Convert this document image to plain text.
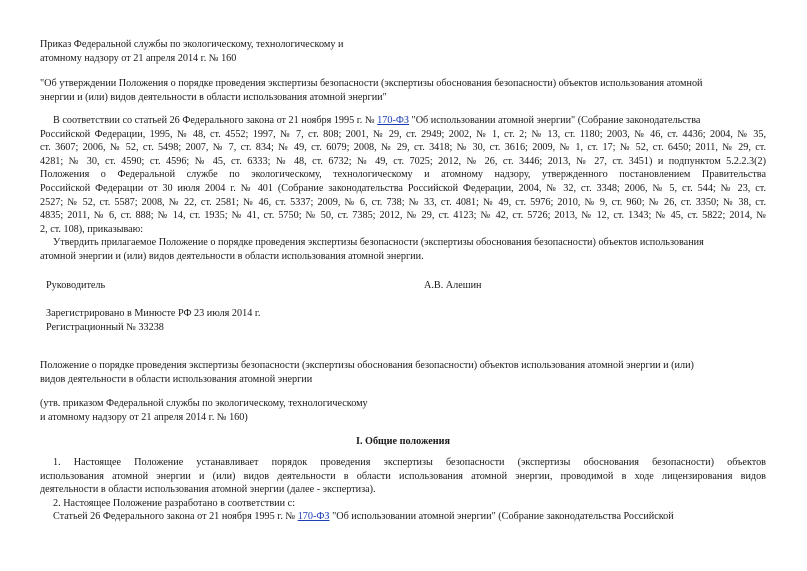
Приказ Федеральной службы по экологическому, технологическому и

атомному надзору от 21 апреля 2014 г. № 160

"Об утверждении Положения о порядке проведения экспертизы безопасности (экспертизы обоснования безопасности) объектов использования атомной

энергии и (или) видов деятельности в области использования атомной энергии"

В соответствии со статьей 26 Федерального закона от 21 ноября 1995 г. № 170-ФЗ "Об использовании атомной энергии" (Собрание законодательства

Российской Федерации, 1995, № 48, ст. 4552; 1997, № 7, ст. 808; 2001, № 29, ст. 2949; 2002, № 1, ст. 2; № 13, ст. 1180; 2003, № 46, ст. 4436; 2004, № 35,

ст. 3607; 2006, № 52, ст. 5498; 2007, № 7, ст. 834; № 49, ст. 6079; 2008, № 29, ст. 3418; № 30, ст. 3616; 2009, № 1, ст. 17; № 52, ст. 6450; 2011, № 29, ст.

4281; № 30, ст. 4590; ст. 4596; № 45, ст. 6333; № 48, ст. 6732; № 49, ст. 7025; 2012, № 26, ст. 3446; 2013, № 27, ст. 3451) и подпунктом 5.2.2.3(2)

Положения о Федеральной службе по экологическому, технологическому и атомному надзору, утвержденного постановлением Правительства

Российской Федерации от 30 июля 2004 г. № 401 (Собрание законодательства Российской Федерации, 2004, № 32, ст. 3348; 2006, № 5, ст. 544; № 23, ст.

2527; № 52, ст. 5587; 2008, № 22, ст. 2581; № 46, ст. 5337; 2009, № 6, ст. 738; № 33, ст. 4081; № 49, ст. 5976; 2010, № 9, ст. 960; № 26, ст. 3350; № 38, ст.

4835; 2011, № 6, ст. 888; № 14, ст. 1935; № 41, ст. 5750; № 50, ст. 7385; 2012, № 29, ст. 4123; № 42, ст. 5726; 2013, № 12, ст. 1343; № 45, ст. 5822; 2014, №

2, ст. 108), приказываю:

Утвердить прилагаемое Положение о порядке проведения экспертизы безопасности (экспертизы обоснования безопасности) объектов использования

атомной энергии и (или) видов деятельности в области использования атомной энергии.

Руководитель	А.В. Алешин

Зарегистрировано в Минюсте РФ 23 июля 2014 г.

Регистрационный № 33238

Положение о порядке проведения экспертизы безопасности (экспертизы обоснования безопасности) объектов использования атомной энергии и (или)

видов деятельности в области использования атомной энергии

(утв. приказом Федеральной службы по экологическому, технологическому

и атомному надзору от 21 апреля 2014 г. № 160)

I. Общие положения

1. Настоящее Положение устанавливает порядок проведения экспертизы безопасности (экспертизы обоснования безопасности) объектов

использования атомной энергии и (или) видов деятельности в области использования атомной энергии, проводимой в ходе лицензирования видов

деятельности в области использования атомной энергии (далее - экспертиза).

2. Настоящее Положение разработано в соответствии с:

Статьей 26 Федерального закона от 21 ноября 1995 г. № 170-ФЗ "Об использовании атомной энергии" (Собрание законодательства Российской
